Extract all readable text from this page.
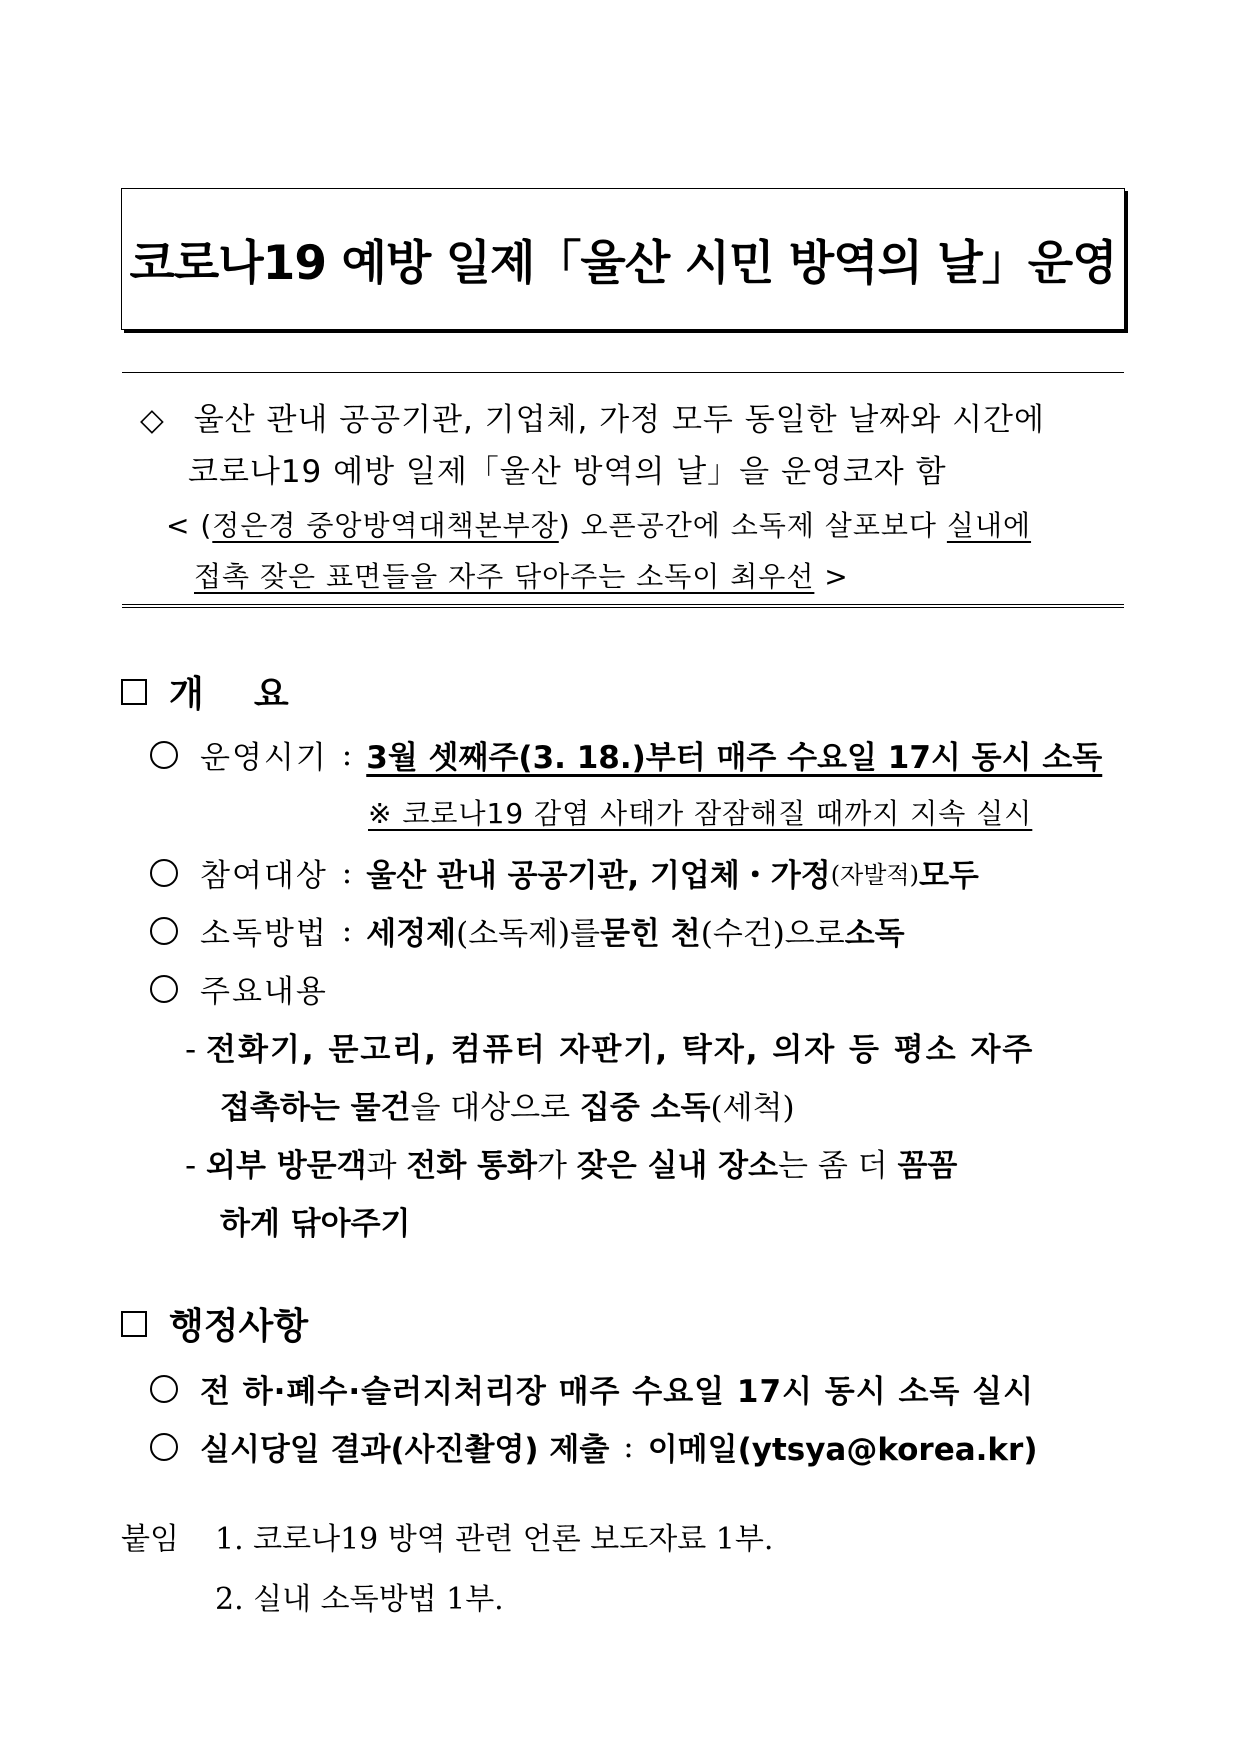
코로나19 예방 일제「울산 시민 방역의 날」운영
◇ 울산 관내 공공기관, 기업체, 가정 모두 동일한 날짜와 시간에
코로나19 예방 일제「울산 방역의 날」을 운영코자 함
< (정은경 중앙방역대책본부장) 오픈공간에 소독제 살포보다 실내에
접촉 잦은 표면들을 자주 닦아주는 소독이 최우선 >
개    요
운영시기 : 3월 셋째주(3. 18.)부터 매주 수요일 17시 동시 소독
※ 코로나19 감염 사태가 잠잠해질 때까지 지속 실시
참여대상 : 울산 관내 공공기관, 기업체・가정 (자발적) 모두
소독방법 : 세정제 (소독제)를 묻힌 천 (수건)으로 소독
주요내용
- 전화기, 문고리, 컴퓨터 자판기, 탁자, 의자 등 평소 자주
접촉하는 물건을 대상으로 집중 소독(세척)
- 외부 방문객과 전화 통화가 잦은 실내 장소는 좀 더 꼼꼼
하게 닦아주기
행정사항
전 하·폐수·슬러지처리장 매주 수요일 17시 동시 소독 실시
실시당일 결과(사진촬영) 제출 : 이메일(ytsya@korea.kr)
붙임 1. 코로나19 방역 관련 언론 보도자료 1부.
2. 실내 소독방법 1부.
